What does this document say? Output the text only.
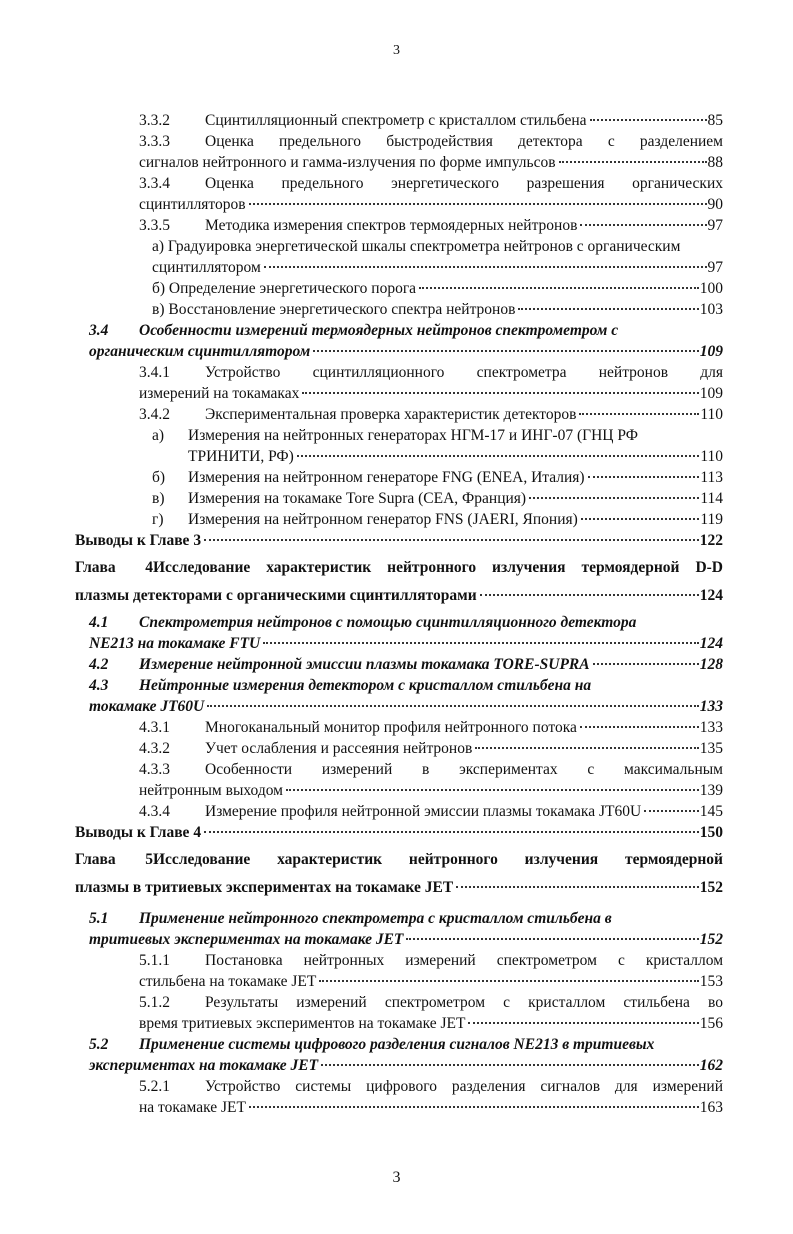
3
3.3.2	Сцинтилляционный спектрометр с кристаллом стильбена	85
3.3.3 Оценка предельного быстродействия детектора с разделением
сигналов нейтронного и гамма-излучения по форме импульсов	88
3.3.4 Оценка предельного энергетического разрешения органических
сцинтилляторов	90
3.3.5	Методика измерения спектров термоядерных нейтронов	97
а) Градуировка энергетической шкалы спектрометра нейтронов с органическим
сцинтиллятором	97
б) Определение энергетического порога	100
в) Восстановление энергетического спектра нейтронов	103
3.4 Особенности измерений термоядерных нейтронов спектрометром с
органическим сцинтиллятором	109
3.4.1 Устройство сцинтилляционного спектрометра нейтронов для
измерений на токамаках	109
3.4.2	Экспериментальная проверка характеристик детекторов	110
а) Измерения на нейтронных генераторах НГМ-17 и ИНГ-07 (ГНЦ РФ
ТРИНИТИ, РФ)	110
б)	Измерения на нейтронном генераторе FNG (ENEA, Италия)	113
в)	Измерения на токамаке Tore Supra (CEA, Франция)	114
г)	Измерения на нейтронном генератор FNS (JAERI, Япония)	119
Выводы к Главе 3	122
Глава 4Исследование характеристик нейтронного излучения термоядерной D-D
плазмы детекторами с органическими сцинтилляторами	124
4.1 Спектрометрия нейтронов с помощью сцинтилляционного детектора
NE213 на токамаке FTU	124
4.2	Измерение нейтронной эмиссии плазмы токамака TORE-SUPRA	128
4.3 Нейтронные измерения детектором с кристаллом стильбена на
токамаке JT60U	133
4.3.1	Многоканальный монитор профиля нейтронного потока	133
4.3.2	Учет ослабления и рассеяния нейтронов	135
4.3.3 Особенности измерений в экспериментах с максимальным
нейтронным выходом	139
4.3.4	Измерение профиля нейтронной эмиссии плазмы токамака JT60U	145
Выводы к Главе 4	150
Глава 5Исследование характеристик нейтронного излучения термоядерной
плазмы в тритиевых экспериментах на токамаке JET	152
5.1 Применение нейтронного спектрометра с кристаллом стильбена в
тритиевых экспериментах на токамаке JET	152
5.1.1 Постановка нейтронных измерений спектрометром с кристаллом
стильбена на токамаке JET	153
5.1.2 Результаты измерений спектрометром с кристаллом стильбена во
время тритиевых экспериментов на токамаке JET	156
5.2 Применение системы цифрового разделения сигналов NE213 в тритиевых
экспериментах на токамаке JET	162
5.2.1 Устройство системы цифрового разделения сигналов для измерений
на токамаке JET	163
3
